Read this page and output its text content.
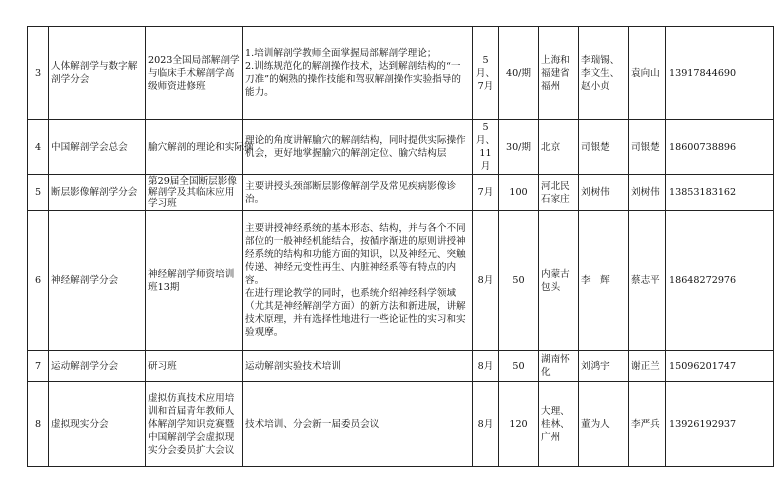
3	人体解剖学与数字解剖学分会	2023全国局部解剖学与临床手术解剖学高级师资进修班	1.培训解剖学教师全面掌握局部解剖学理论；
2.训练规范化的解剖操作技术，达到解剖结构的“一刀准”的娴熟的操作技能和驾驭解剖操作实验指导的能力。	5月、7月	40/期	上海和福建省福州	李瑞锡、李文生、赵小贞	袁向山	13917844690
4	中国解剖学会总会	腧穴解剖的理论和实际操	理论的角度讲解腧穴的解剖结构，同时提供实际操作机会，更好地掌握腧穴的解剖定位、腧穴结构层	5月、11月	30/期	北京	司银楚	司银楚	18600738896
5	断层影像解剖学分会	第29届全国断层影像解剖学及其临床应用学习班	主要讲授头颈部断层影像解剖学及常见疾病影像诊治。	7月	100	河北民石家庄	刘树伟	刘树伟	13853183162
6	神经解剖学分会	神经解剖学师资培训班13期	主要讲授神经系统的基本形态、结构，并与各个不同部位的一般神经机能结合，按循序渐进的原则讲授神经系统的结构和功能方面的知识，以及神经元、突触传递、神经元变性再生、内脏神经系等有特点的内容。
在进行理论教学的同时，也系统介绍神经科学领域（尤其是神经解剖学方面）的新方法和新进展，讲解技术原理，并有选择性地进行一些论证性的实习和实验观摩。	8月	50	内蒙古包头	李　辉	蔡志平	18648272976
7	运动解剖学分会	研习班	运动解剖实验技术培训	8月	50	湖南怀化	刘鸿宇	谢正兰	15096201747
8	虚拟现实分会	虚拟仿真技术应用培训和首届青年教师人体解剖学知识竞赛暨中国解剖学会虚拟现实分会委员扩大会议	技术培训、分会新一届委员会议	8月	120	大理、桂林、广州	董为人	李严兵	13926192937
